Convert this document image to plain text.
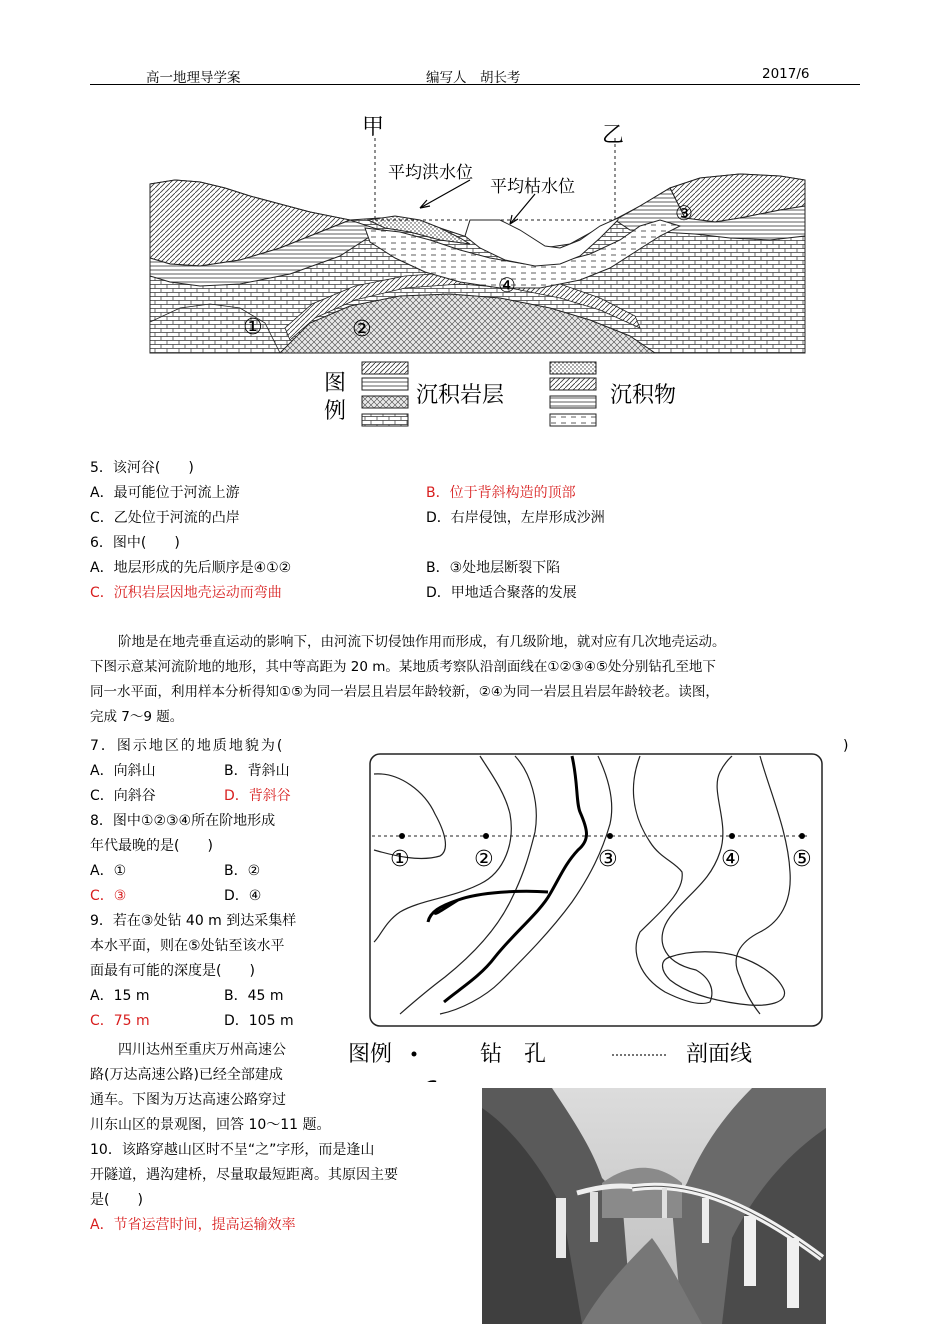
高一地理导学案	编写人　胡长考	2017/6
甲	乙
平均洪水位
平均枯水位
③
④
①	②
图
例
沉积岩层	沉积物
5．该河谷(　　)
A．最可能位于河流上游	B．位于背斜构造的顶部
C．乙处位于河流的凸岸	D．右岸侵蚀，左岸形成沙洲
6．图中(　　)
A．地层形成的先后顺序是④①②	B．③处地层断裂下陷
C．沉积岩层因地壳运动而弯曲	D．甲地适合聚落的发展

阶地是在地壳垂直运动的影响下，由河流下切侵蚀作用而形成，有几级阶地，就对应有几次地壳运动。

下图示意某河流阶地的地形，其中等高距为 20 m。某地质考察队沿剖面线在①②③④⑤处分别钻孔至地下

同一水平面，利用样本分析得知①⑤为同一岩层且岩层年龄较新，②④为同一岩层且岩层年龄较老。读图，

完成 7～9 题。

7．图示地区的地质地貌为(	)
A．向斜山	B．背斜山
C．向斜谷	D．背斜谷
8．图中①②③④所在阶地形成
年代最晚的是(　　)
A．①	B．②
C．③	D．④
9．若在③处钻 40 m 到达采集样
本水平面，则在⑤处钻至该水平
面最有可能的深度是(　　)
A．15 m	B．45 m
C．75 m	D．105 m
①	②	③	④ ⑤
图例	钻　孔	剖面线
四川达州至重庆万州高速公
路(万达高速公路)已经全部建成
通车。下图为万达高速公路穿过
川东山区的景观图，回答 10～11 题。
10．该路穿越山区时不呈“之”字形，而是逢山
开隧道，遇沟建桥，尽量取最短距离。其原因主要
是(　　)
A．节省运营时间，提高运输效率
